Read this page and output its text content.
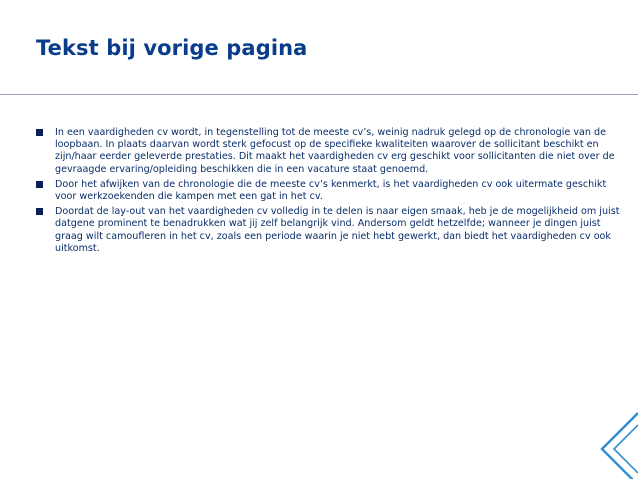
Tekst bij vorige pagina
In een vaardigheden cv wordt, in tegenstelling tot de meeste cv’s, weinig nadruk gelegd op de chronologie van de loopbaan. In plaats daarvan wordt sterk gefocust op de specifieke kwaliteiten waarover de sollicitant beschikt en zijn/haar eerder geleverde prestaties. Dit maakt het vaardigheden cv erg geschikt voor sollicitanten die niet over de gevraagde ervaring/opleiding beschikken die in een vacature staat genoemd.
Door het afwijken van de chronologie die de meeste cv’s kenmerkt, is het vaardigheden cv ook uitermate geschikt voor werkzoekenden die kampen met een gat in het cv.
Doordat de lay-out van het vaardigheden cv volledig in te delen is naar eigen smaak, heb je de mogelijkheid om juist datgene prominent te benadrukken wat jij zelf belangrijk vind. Andersom geldt hetzelfde; wanneer je dingen juist graag wilt camoufleren in het cv, zoals een periode waarin je niet hebt gewerkt, dan biedt het vaardigheden cv ook uitkomst.
